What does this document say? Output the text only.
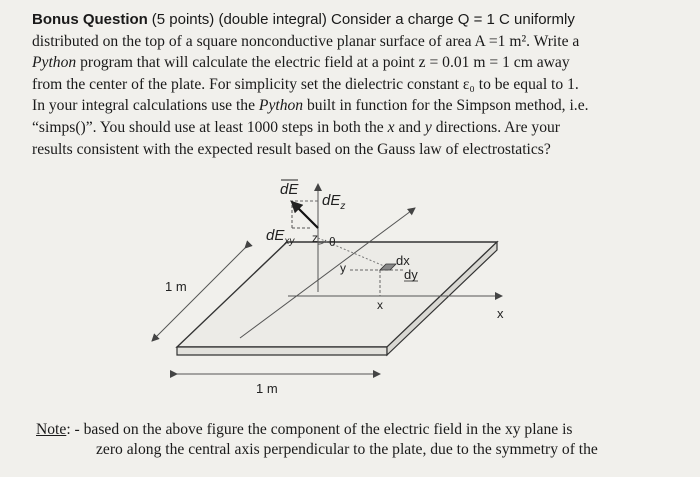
Bonus Question (5 points) (double integral) Consider a charge Q = 1 C uniformly
distributed on the top of a square nonconductive planar surface of area A =1 m². Write a
Python program that will calculate the electric field at a point z = 0.01 m = 1 cm away
from the center of the plate. For simplicity set the dielectric constant ε₀ to be equal to 1.
In your integral calculations use the Python built in function for the Simpson method, i.e.
“simps()”. You should use at least 1000 steps in both the x and y directions. Are your
results consistent with the expected result based on the Gauss law of electrostatics?
dE
$dE_z$
$dE_{xy}$ z θ
y	dx
dy
x
x
1 m
1 m
Note: - based on the above figure the component of the electric field in the xy plane is
zero along the central axis perpendicular to the plate, due to the symmetry of the
